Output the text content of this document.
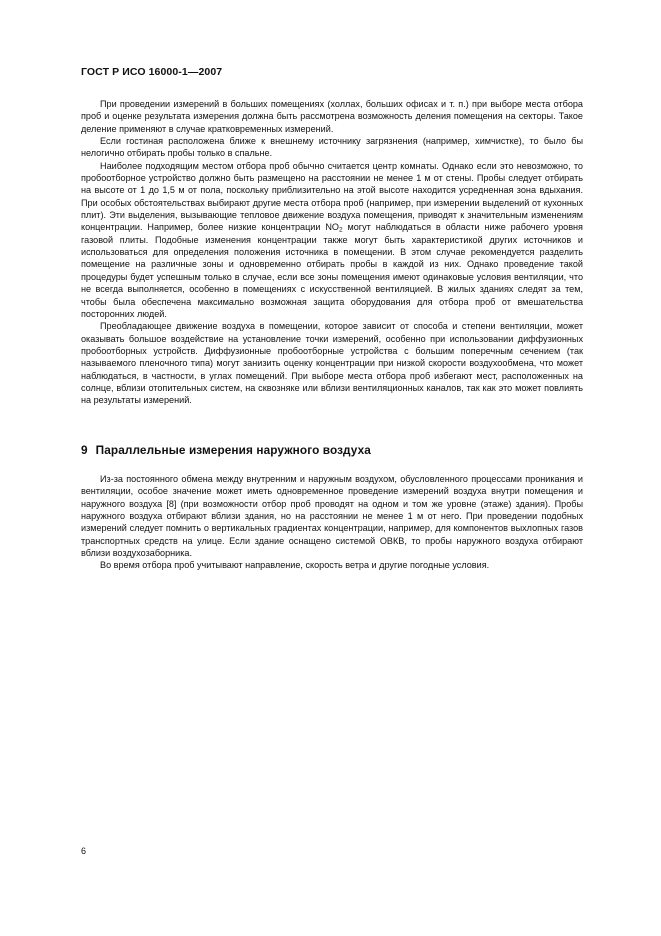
ГОСТ Р ИСО 16000-1—2007

При проведении измерений в больших помещениях (холлах, больших офисах и т. п.) при выборе места отбора проб и оценке результата измерения должна быть рассмотрена возможность деления помещения на секторы. Такое деление применяют в случае кратковременных измерений.

Если гостиная расположена ближе к внешнему источнику загрязнения (например, химчистке), то было бы нелогично отбирать пробы только в спальне.

Наиболее подходящим местом отбора проб обычно считается центр комнаты. Однако если это невозможно, то пробоотборное устройство должно быть размещено на расстоянии не менее 1 м от стены. Пробы следует отбирать на высоте от 1 до 1,5 м от пола, поскольку приблизительно на этой высоте находится усредненная зона вдыхания. При особых обстоятельствах выбирают другие места отбора проб (например, при измерении выделений от кухонных плит). Эти выделения, вызывающие тепловое движение воздуха помещения, приводят к значительным изменениям концентрации. Например, более низкие концентрации $NO_2$ могут наблюдаться в области ниже рабочего уровня газовой плиты. Подобные изменения концентрации также могут быть характеристикой других источников и использоваться для определения положения источника в помещении. В этом случае рекомендуется разделить помещение на различные зоны и одновременно отбирать пробы в каждой из них. Однако проведение такой процедуры будет успешным только в случае, если все зоны помещения имеют одинаковые условия вентиляции, что не всегда выполняется, особенно в помещениях с искусственной вентиляцией. В жилых зданиях следят за тем, чтобы была обеспечена максимально возможная защита оборудования для отбора проб от вмешательства посторонних людей.

Преобладающее движение воздуха в помещении, которое зависит от способа и степени вентиляции, может оказывать большое воздействие на установление точки измерений, особенно при использовании диффузионных пробоотборных устройств. Диффузионные пробоотборные устройства с большим поперечным сечением (так называемого пленочного типа) могут занизить оценку концентрации при низкой скорости воздухообмена, что может наблюдаться, в частности, в углах помещений. При выборе места отбора проб избегают мест, расположенных на солнце, вблизи отопительных систем, на сквозняке или вблизи вентиляционных каналов, так как это может повлиять на результаты измерений.

9 Параллельные измерения наружного воздуха

Из-за постоянного обмена между внутренним и наружным воздухом, обусловленного процессами проникания и вентиляции, особое значение может иметь одновременное проведение измерений воздуха внутри помещения и наружного воздуха [8] (при возможности отбор проб проводят на одном и том же уровне (этаже) здания). Пробы наружного воздуха отбирают вблизи здания, но на расстоянии не менее 1 м от него. При проведении подобных измерений следует помнить о вертикальных градиентах концентрации, например, для компонентов выхлопных газов транспортных средств на улице. Если здание оснащено системой ОВКВ, то пробы наружного воздуха отбирают вблизи воздухозаборника.

Во время отбора проб учитывают направление, скорость ветра и другие погодные условия.

6
